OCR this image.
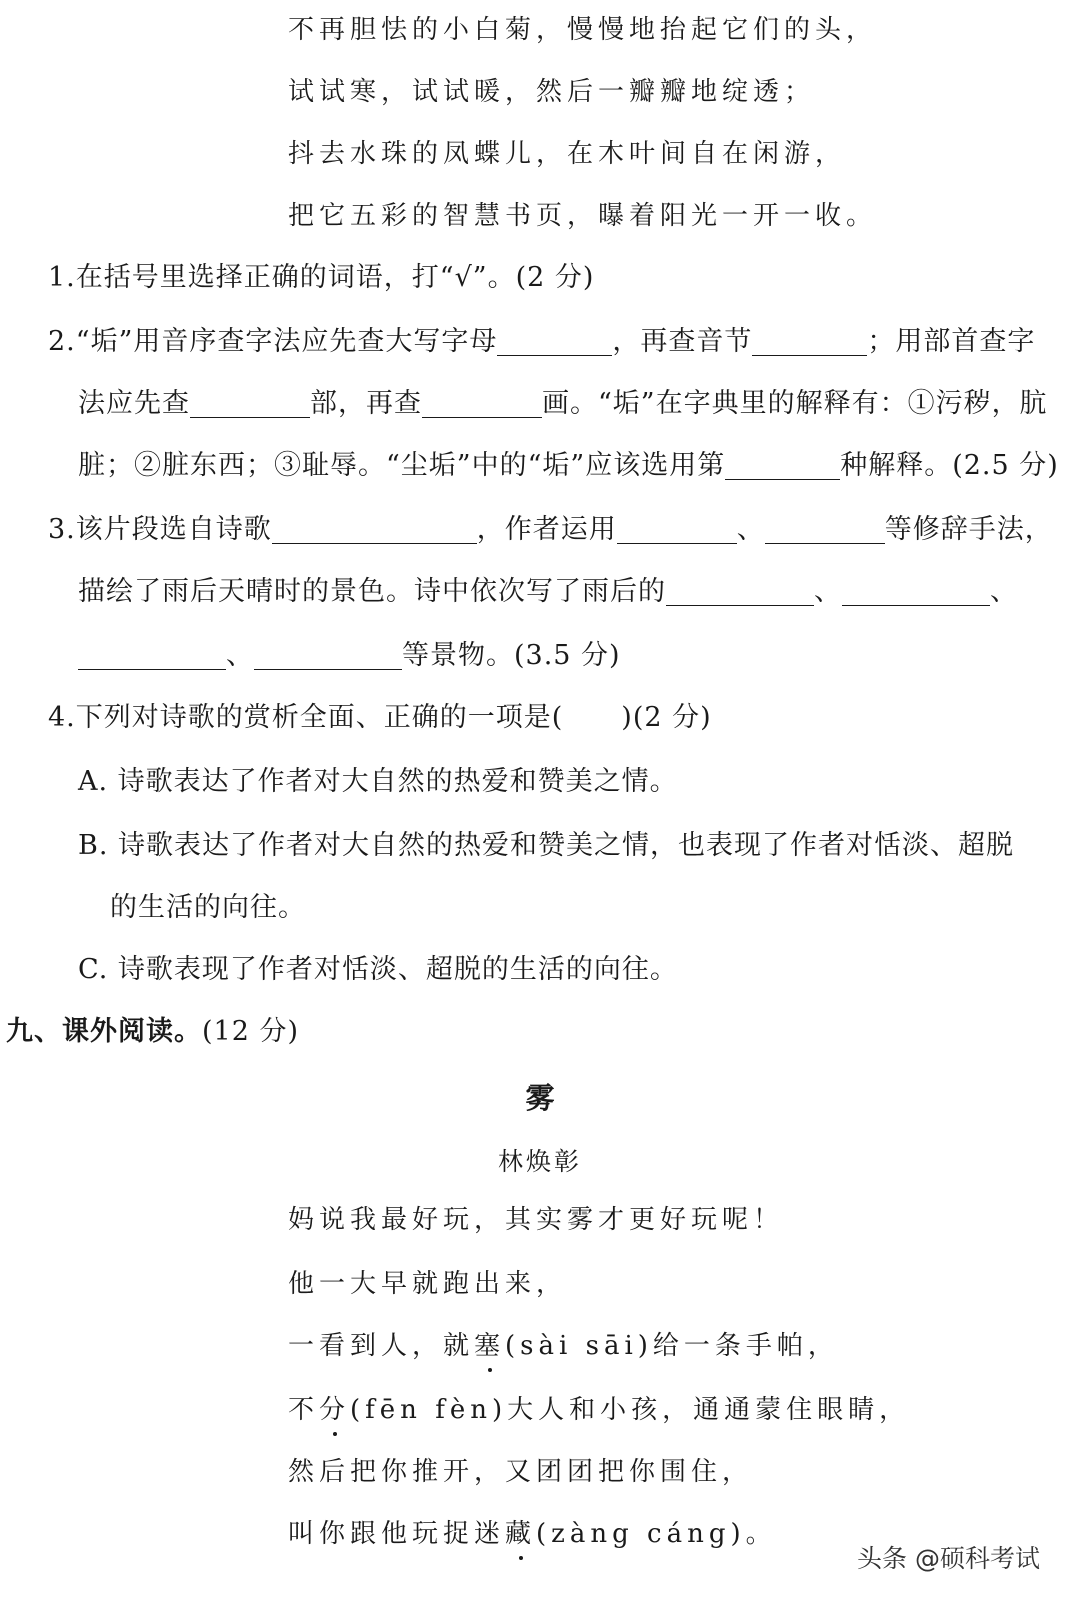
不再胆怯的小白菊，慢慢地抬起它们的头，
试试寒，试试暖，然后一瓣瓣地绽透；
抖去水珠的凤蝶儿，在木叶间自在闲游，
把它五彩的智慧书页，曝着阳光一开一收。
1.在括号里选择正确的词语，打“√”。(2 分)
2.“垢”用音序查字法应先查大写字母	，再查音节	；用部首查字
法应先查	部，再查	画。“垢”在字典里的解释有：①污秽，肮
脏；②脏东西；③耻辱。“尘垢”中的“垢”应该选用第	种解释。(2.5 分)
3.该片段选自诗歌	，作者运用	、	等修辞手法，
描绘了雨后天晴时的景色。诗中依次写了雨后的	、	、
、	等景物。(3.5 分)
4.下列对诗歌的赏析全面、正确的一项是( )(2 分)
A. 诗歌表达了作者对大自然的热爱和赞美之情。
B. 诗歌表达了作者对大自然的热爱和赞美之情，也表现了作者对恬淡、超脱
的生活的向往。
C. 诗歌表现了作者对恬淡、超脱的生活的向往。
九、课外阅读。(12 分)
雾
林焕彰
妈说我最好玩，其实雾才更好玩呢！
他一大早就跑出来，
一看到人，就塞(sài sāi)给一条手帕，
不分(fēn fèn)大人和小孩，通通蒙住眼睛，
然后把你推开，又团团把你围住，
叫你跟他玩捉迷藏(zàng cáng)。
头条 @硕科考试
